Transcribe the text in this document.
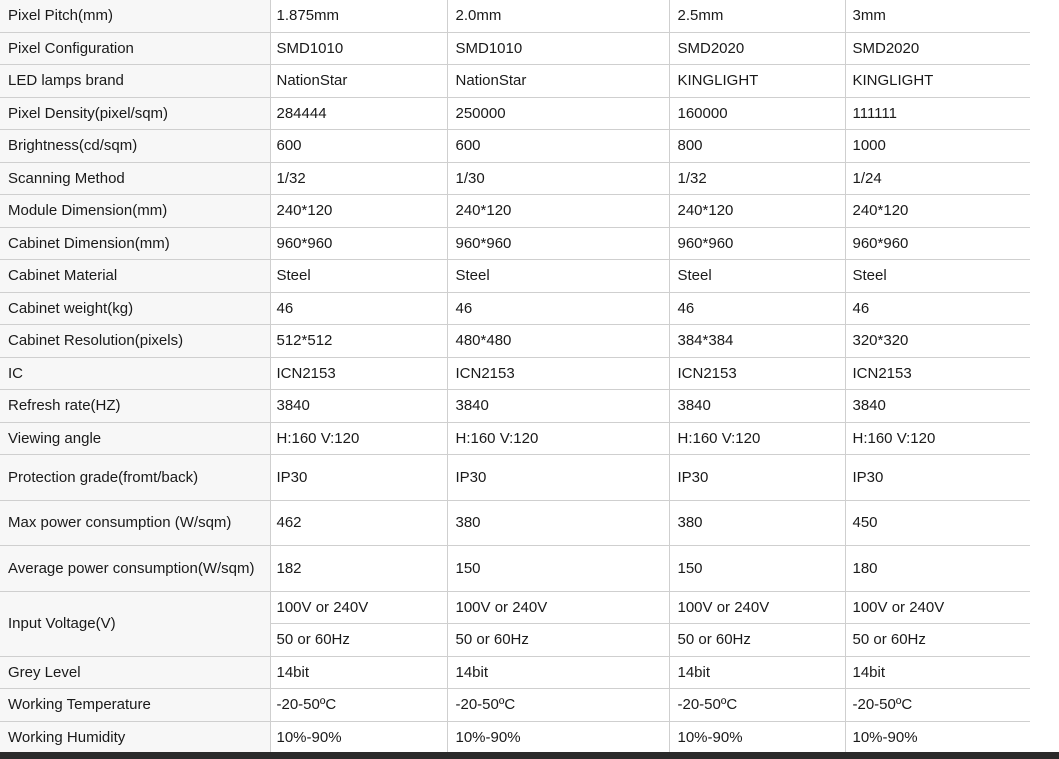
Pixel Pitch(mm)	1.875mm	2.0mm	2.5mm	3mm
Pixel Configuration	SMD1010	SMD1010	SMD2020	SMD2020
LED lamps brand	NationStar	NationStar	KINGLIGHT	KINGLIGHT
Pixel Density(pixel/sqm)	284444	250000	160000	111111
Brightness(cd/sqm)	600	600	800	1000
Scanning Method	1/32	1/30	1/32	1/24
Module Dimension(mm)	240*120	240*120	240*120	240*120
Cabinet Dimension(mm)	960*960	960*960	960*960	960*960
Cabinet Material	Steel	Steel	Steel	Steel
Cabinet weight(kg)	46	46	46	46
Cabinet Resolution(pixels)	512*512	480*480	384*384	320*320
IC	ICN2153	ICN2153	ICN2153	ICN2153
Refresh rate(HZ)	3840	3840	3840	3840
Viewing angle	H:160 V:120	H:160 V:120	H:160 V:120	H:160 V:120
Protection grade(fromt/back)	IP30	IP30	IP30	IP30
Max power consumption (W/sqm)	462	380	380	450
Average power consumption(W/sqm)	182	150	150	180
Input Voltage(V)	100V or 240V	100V or 240V	100V or 240V	100V or 240V
	50 or 60Hz	50 or 60Hz	50 or 60Hz	50 or 60Hz
Grey Level	14bit	14bit	14bit	14bit
Working Temperature	-20-50ºC	-20-50ºC	-20-50ºC	-20-50ºC
Working Humidity	10%-90%	10%-90%	10%-90%	10%-90%
